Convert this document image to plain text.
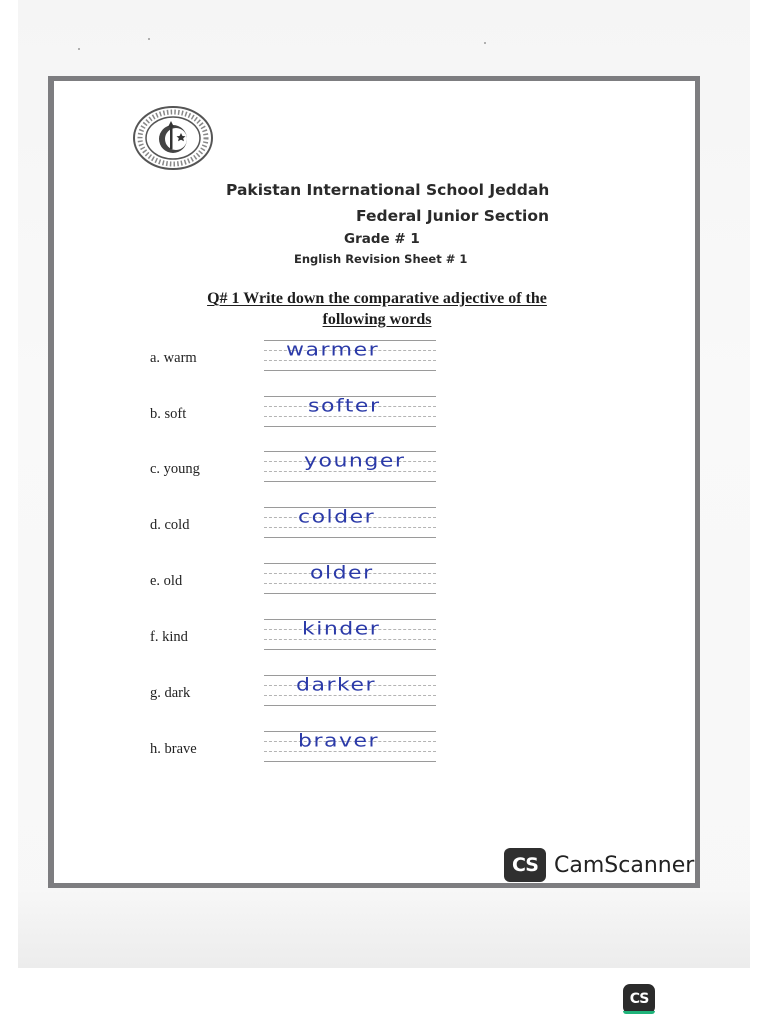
Pakistan International School Jeddah
Federal Junior Section
Grade # 1
English Revision Sheet # 1
Q# 1 Write down the comparative adjective of the
following words
a. warm	warmer
b. soft	softer
c. young	younger
d. cold	colder
e. old	older
f. kind	kinder
g. dark	darker
h. brave	braver
CS CamScanner
CS
